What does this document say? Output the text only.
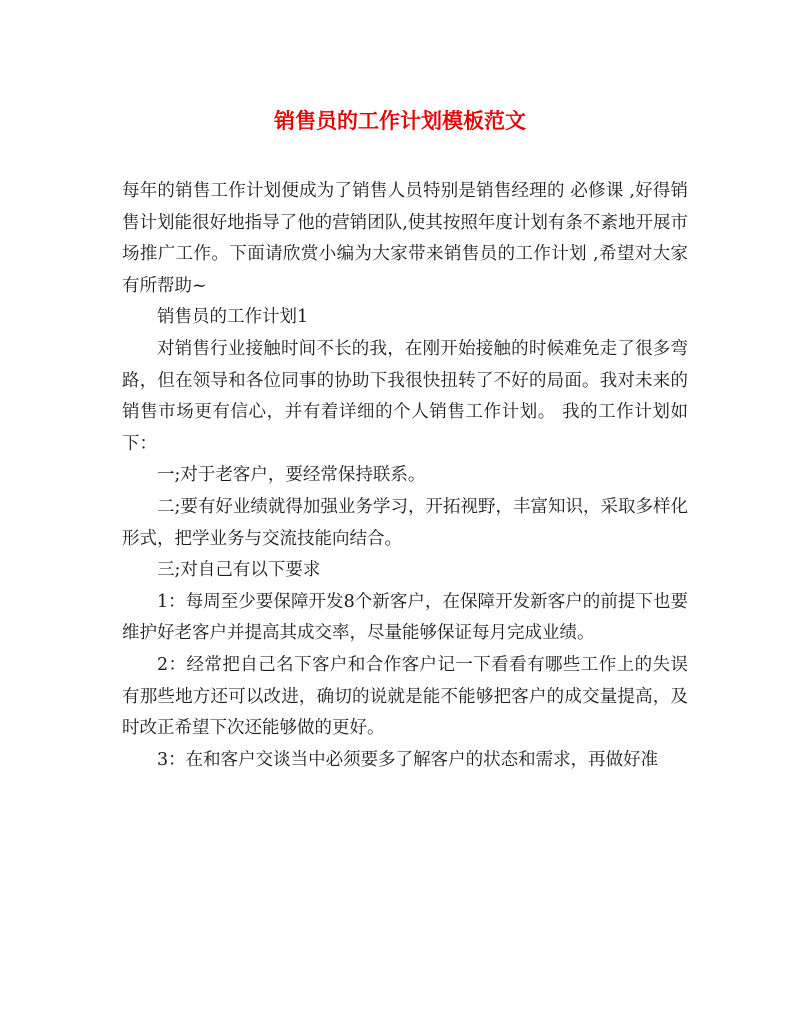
销售员的工作计划模板范文

每年的销售工作计划便成为了销售人员特别是销售经理的 必修课 ,好得销售计划能很好地指导了他的营销团队,使其按照年度计划有条不紊地开展市场推广工作。下面请欣赏小编为大家带来销售员的工作计划 ,希望对大家有所帮助~

销售员的工作计划1

对销售行业接触时间不长的我，在刚开始接触的时候难免走了很多弯路，但在领导和各位同事的协助下我很快扭转了不好的局面。我对未来的销售市场更有信心，并有着详细的个人销售工作计划。 我的工作计划如下：

一;对于老客户，要经常保持联系。

二;要有好业绩就得加强业务学习，开拓视野，丰富知识，采取多样化形式，把学业务与交流技能向结合。

三;对自己有以下要求

1：每周至少要保障开发8个新客户，在保障开发新客户的前提下也要维护好老客户并提高其成交率，尽量能够保证每月完成业绩。

2：经常把自己名下客户和合作客户记一下看看有哪些工作上的失误有那些地方还可以改进，确切的说就是能不能够把客户的成交量提高，及时改正希望下次还能够做的更好。

3：在和客户交谈当中必须要多了解客户的状态和需求，再做好准
